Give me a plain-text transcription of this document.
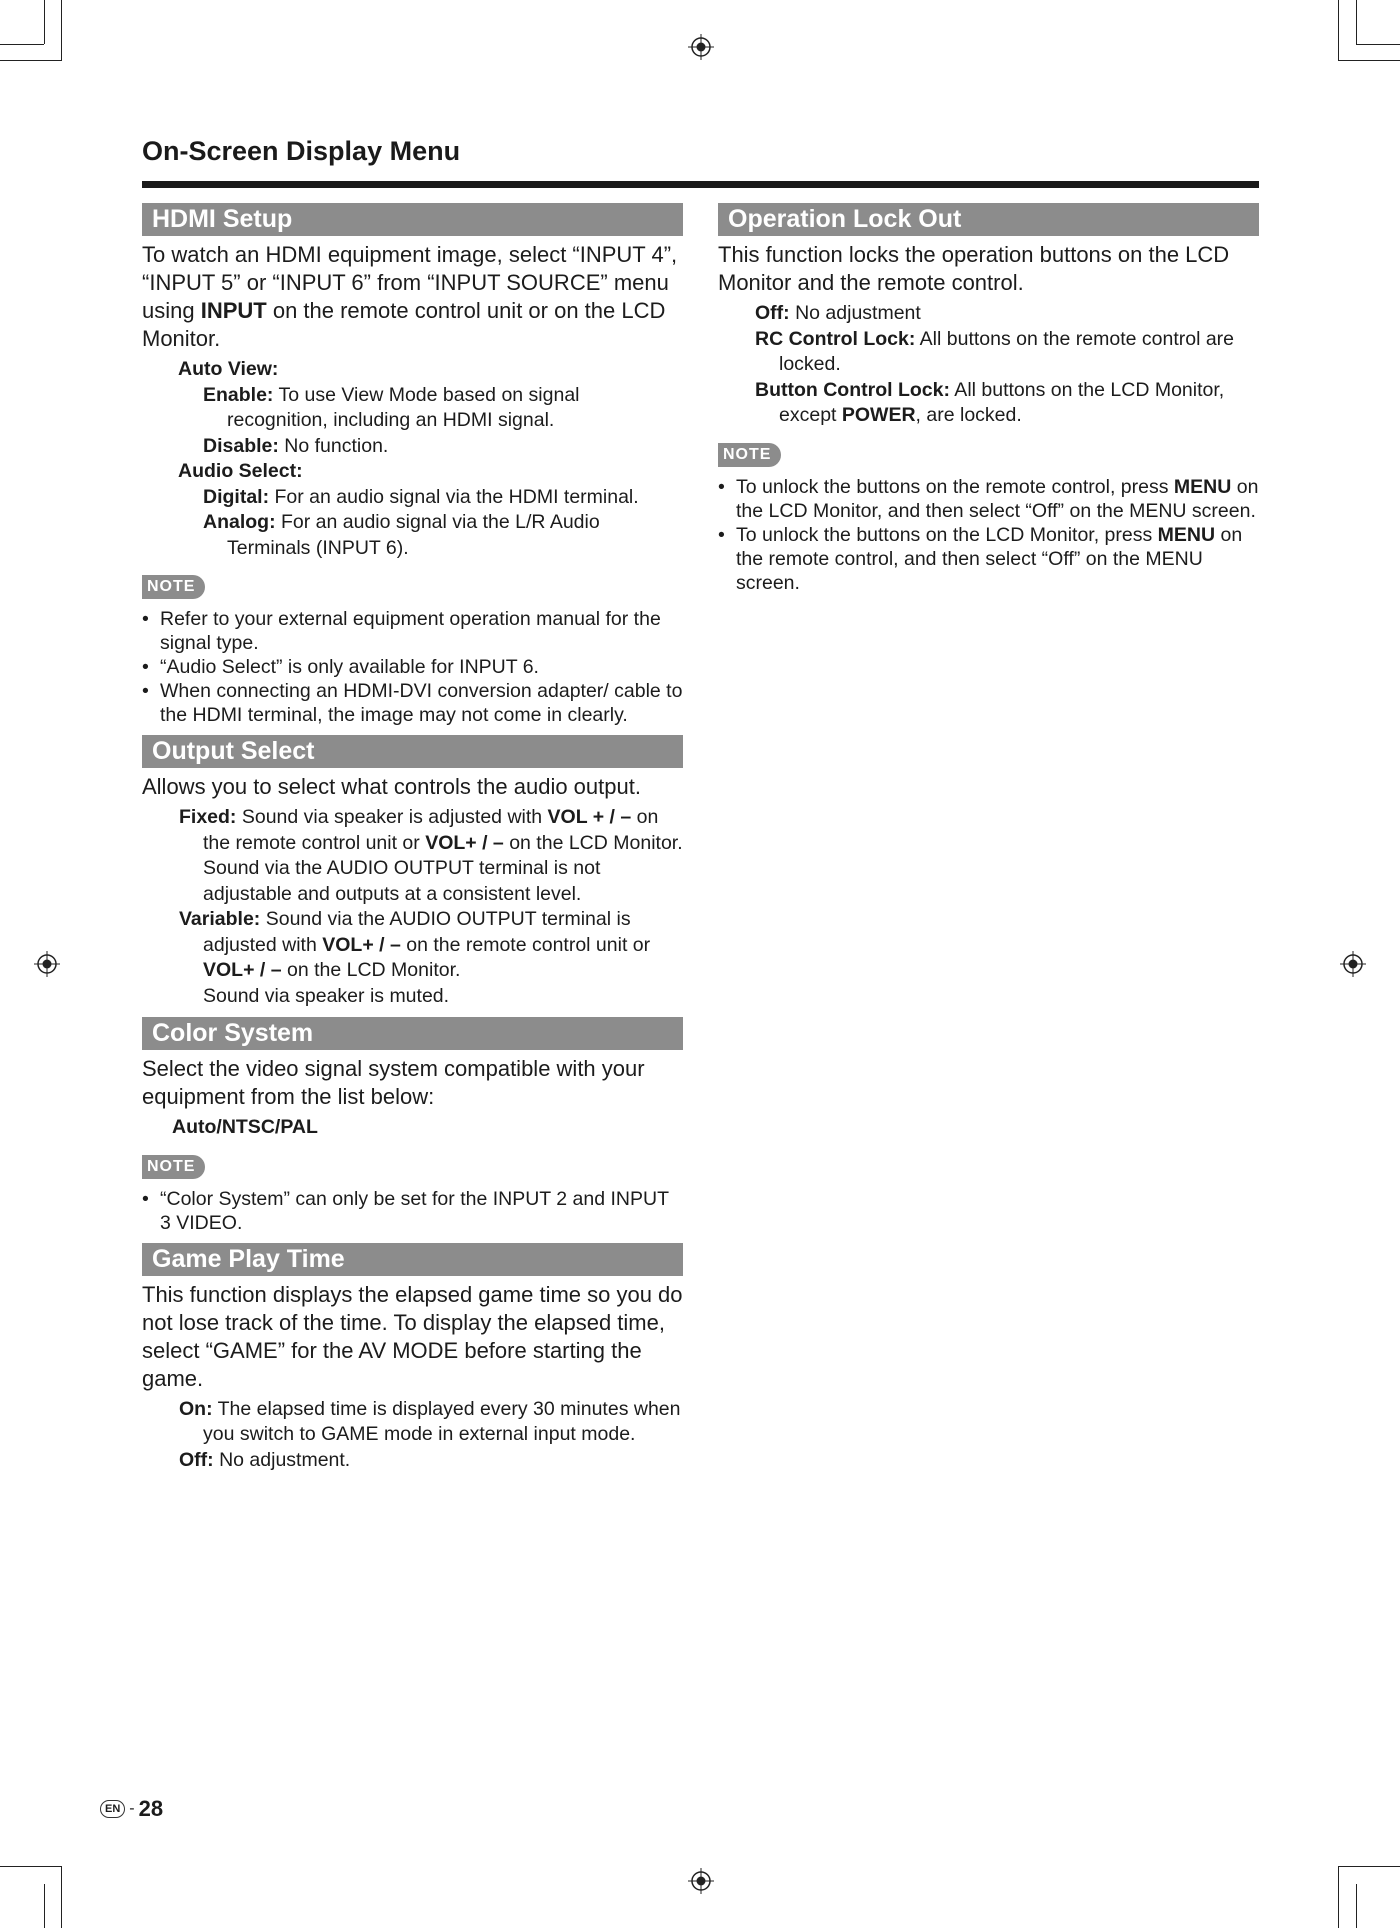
On-Screen Display Menu
HDMI Setup

To watch an HDMI equipment image, select “INPUT 4”, “INPUT 5” or “INPUT 6” from “INPUT SOURCE” menu using INPUT on the remote control unit or on the LCD Monitor.

Auto View:
Enable: To use View Mode based on signal recognition, including an HDMI signal.
Disable: No function.
Audio Select:
Digital: For an audio signal via the HDMI terminal.
Analog: For an audio signal via the L/R Audio Terminals (INPUT 6).
NOTE
• Refer to your external equipment operation manual for the signal type.
• “Audio Select” is only available for INPUT 6.
• When connecting an HDMI-DVI conversion adapter/ cable to the HDMI terminal, the image may not come in clearly.
Output Select

Allows you to select what controls the audio output.

Fixed: Sound via speaker is adjusted with VOL + / – on the remote control unit or VOL+ / – on the LCD Monitor.
Sound via the AUDIO OUTPUT terminal is not adjustable and outputs at a consistent level.
Variable: Sound via the AUDIO OUTPUT terminal is adjusted with VOL+ / – on the remote control unit or VOL+ / – on the LCD Monitor.
Sound via speaker is muted.
Color System

Select the video signal system compatible with your equipment from the list below:

Auto/NTSC/PAL
NOTE
• “Color System” can only be set for the INPUT 2 and INPUT 3 VIDEO.
Game Play Time

This function displays the elapsed game time so you do not lose track of the time. To display the elapsed time, select “GAME” for the AV MODE before starting the game.

On: The elapsed time is displayed every 30 minutes when you switch to GAME mode in external input mode.
Off: No adjustment.
Operation Lock Out

This function locks the operation buttons on the LCD Monitor and the remote control.

Off: No adjustment
RC Control Lock: All buttons on the remote control are locked.
Button Control Lock: All buttons on the LCD Monitor, except POWER, are locked.
NOTE
• To unlock the buttons on the remote control, press MENU on the LCD Monitor, and then select “Off” on the MENU screen.
• To unlock the buttons on the LCD Monitor, press MENU on the remote control, and then select “Off” on the MENU screen.
EN - 28
